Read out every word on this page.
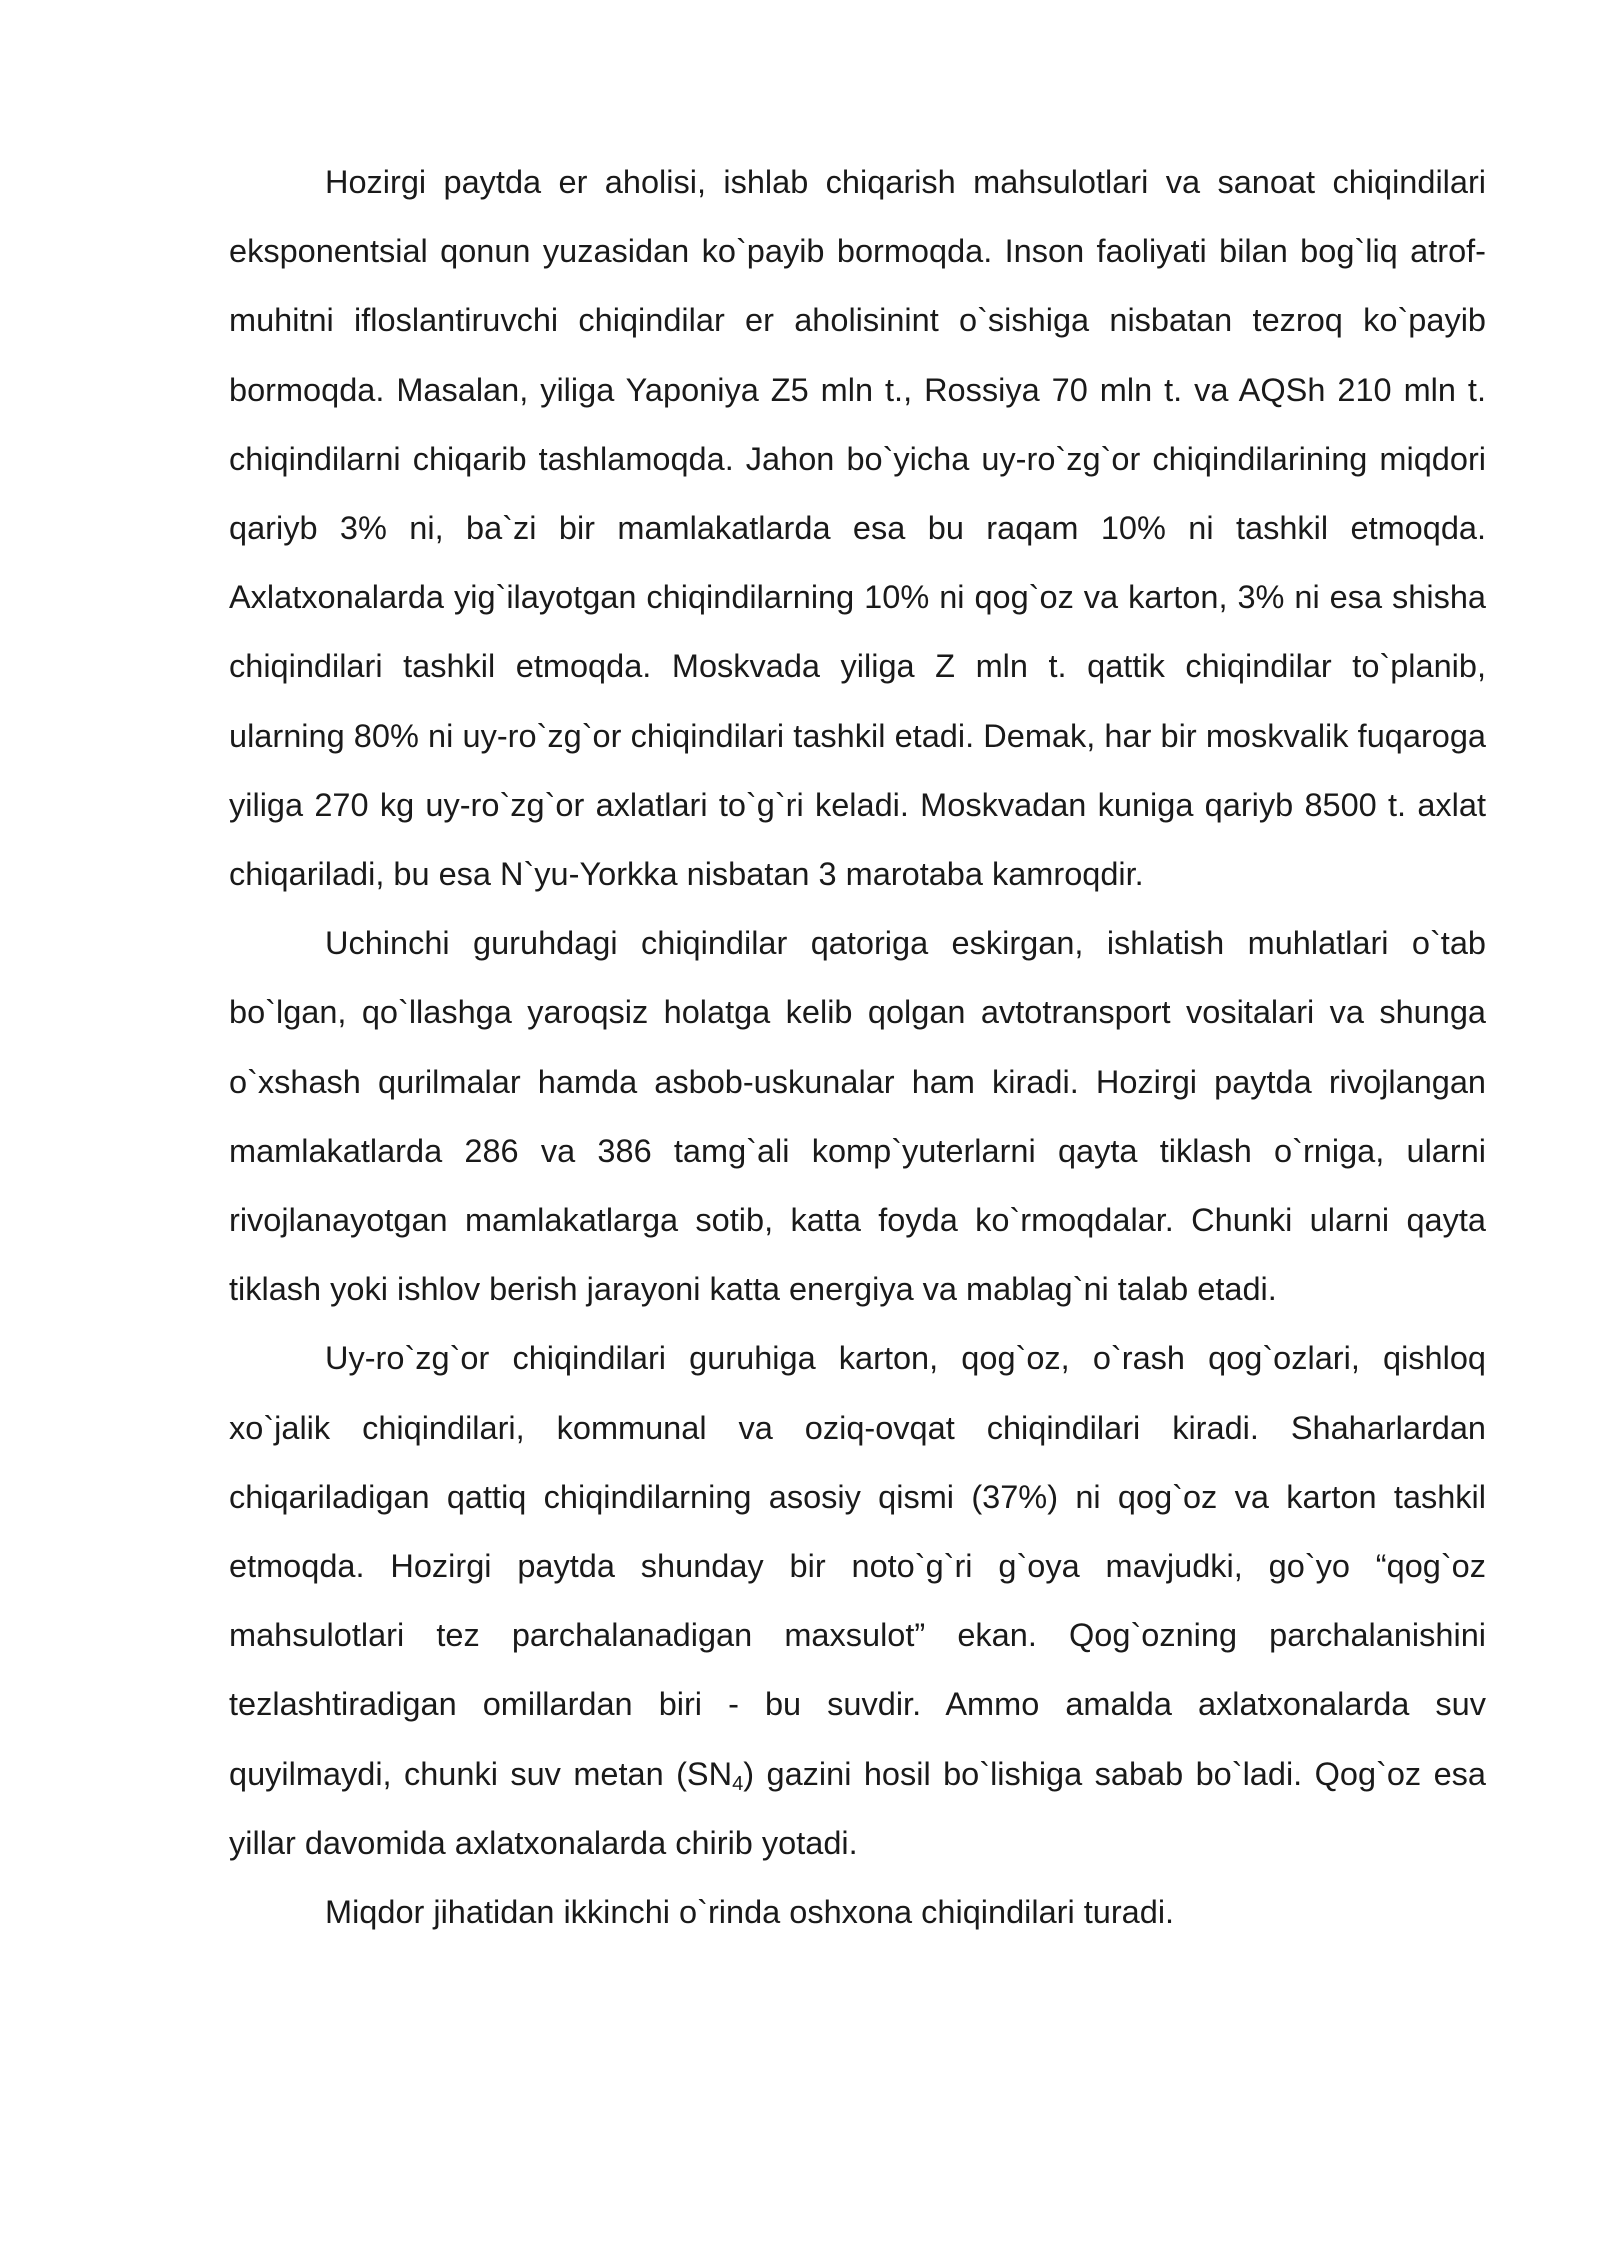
Hozirgi paytda er aholisi, ishlab chiqarish mahsulotlari va sanoat chiqindilari eksponentsial qonun yuzasidan ko`payib bormoqda. Inson faoliyati bilan bog`liq atrof-muhitni ifloslantiruvchi chiqindilar er aholisinint o`sishiga nisbatan tezroq ko`payib bormoqda. Masalan, yiliga Yaponiya Z5 mln t., Rossiya 70 mln t. va AQSh 210 mln t. chiqindilarni chiqarib tashlamoqda. Jahon bo`yicha uy-ro`zg`or chiqindilarining miqdori qariyb 3% ni, ba`zi bir mamlakatlarda esa bu raqam 10% ni tashkil etmoqda. Axlatxonalarda yig`ilayotgan chiqindilarning 10% ni qog`oz va karton, 3% ni esa shisha chiqindilari tashkil etmoqda. Moskvada yiliga Z mln t. qattik chiqindilar to`planib, ularning 80% ni uy-ro`zg`or chiqindilari tashkil etadi. Demak, har bir moskvalik fuqaroga yiliga 270 kg uy-ro`zg`or axlatlari to`g`ri keladi. Moskvadan kuniga qariyb 8500 t. axlat chiqariladi, bu esa N`yu-Yorkka nisbatan 3 marotaba kamroqdir.

Uchinchi guruhdagi chiqindilar qatoriga eskirgan, ishlatish muhlatlari o`tab bo`lgan, qo`llashga yaroqsiz holatga kelib qolgan avtotransport vositalari va shunga o`xshash qurilmalar hamda asbob-uskunalar ham kiradi. Hozirgi paytda rivojlangan mamlakatlarda 286 va 386 tamg`ali komp`yuterlarni qayta tiklash o`rniga, ularni rivojlanayotgan mamlakatlarga sotib, katta foyda ko`rmoqdalar. Chunki ularni qayta tiklash yoki ishlov berish jarayoni katta energiya va mablag`ni talab etadi.

Uy-ro`zg`or chiqindilari guruhiga karton, qog`oz, o`rash qog`ozlari, qishloq xo`jalik chiqindilari, kommunal va oziq-ovqat chiqindilari kiradi. Shaharlardan chiqariladigan qattiq chiqindilarning asosiy qismi (37%) ni qog`oz va karton tashkil etmoqda. Hozirgi paytda shunday bir noto`g`ri g`oya mavjudki, go`yo “qog`oz mahsulotlari tez parchalanadigan maxsulot” ekan. Qog`ozning parchalanishini tezlashtiradigan omillardan biri - bu suvdir. Ammo amalda axlatxonalarda suv quyilmaydi, chunki suv metan $(SN_4)$ gazini hosil bo`lishiga sabab bo`ladi. Qog`oz esa yillar davomida axlatxonalarda chirib yotadi.

Miqdor jihatidan ikkinchi o`rinda oshxona chiqindilari turadi.
